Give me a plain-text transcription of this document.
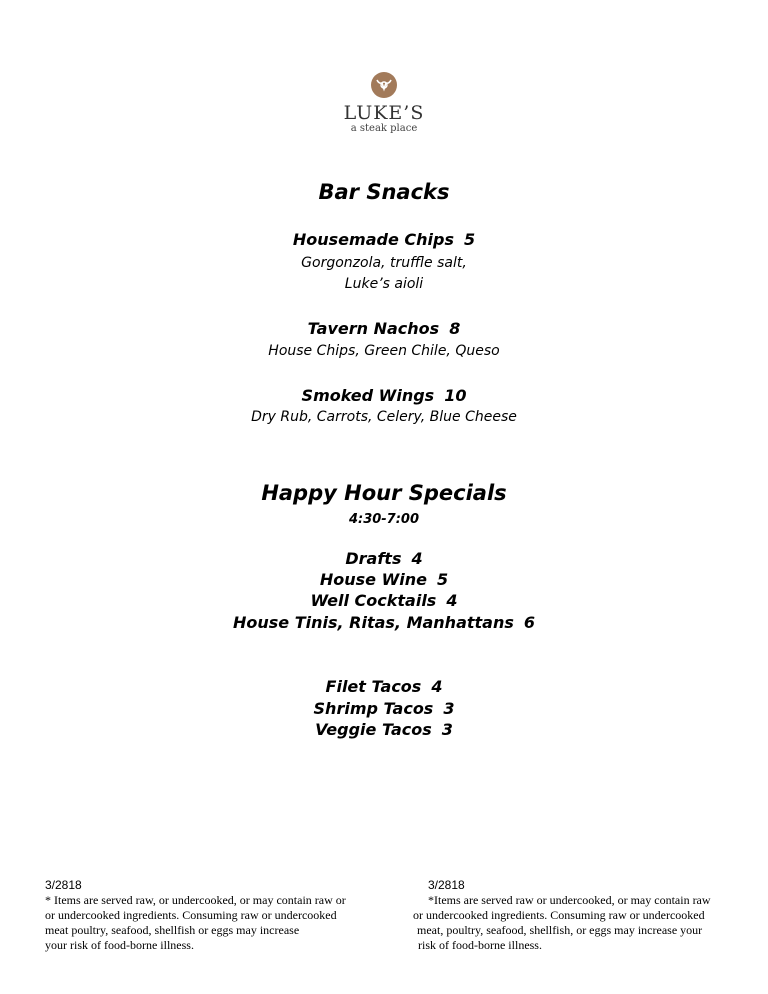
LUKE’S
a steak place
Bar Snacks
Housemade Chips 5
Gorgonzola, truffle salt,
Luke’s aioli
Tavern Nachos 8
House Chips, Green Chile, Queso
Smoked Wings 10
Dry Rub, Carrots, Celery, Blue Cheese
Happy Hour Specials
4:30-7:00
Drafts 4
House Wine 5
Well Cocktails 4
House Tinis, Ritas, Manhattans 6
Filet Tacos 4
Shrimp Tacos 3
Veggie Tacos 3
3/2818
* Items are served raw, or undercooked, or may contain raw or
or undercooked ingredients. Consuming raw or undercooked
meat poultry, seafood, shellfish or eggs may increase
your risk of food-borne illness.
3/2818
*Items are served raw or undercooked, or may contain raw
or undercooked ingredients. Consuming raw or undercooked
meat, poultry, seafood, shellfish, or eggs may increase your
risk of food-borne illness.
